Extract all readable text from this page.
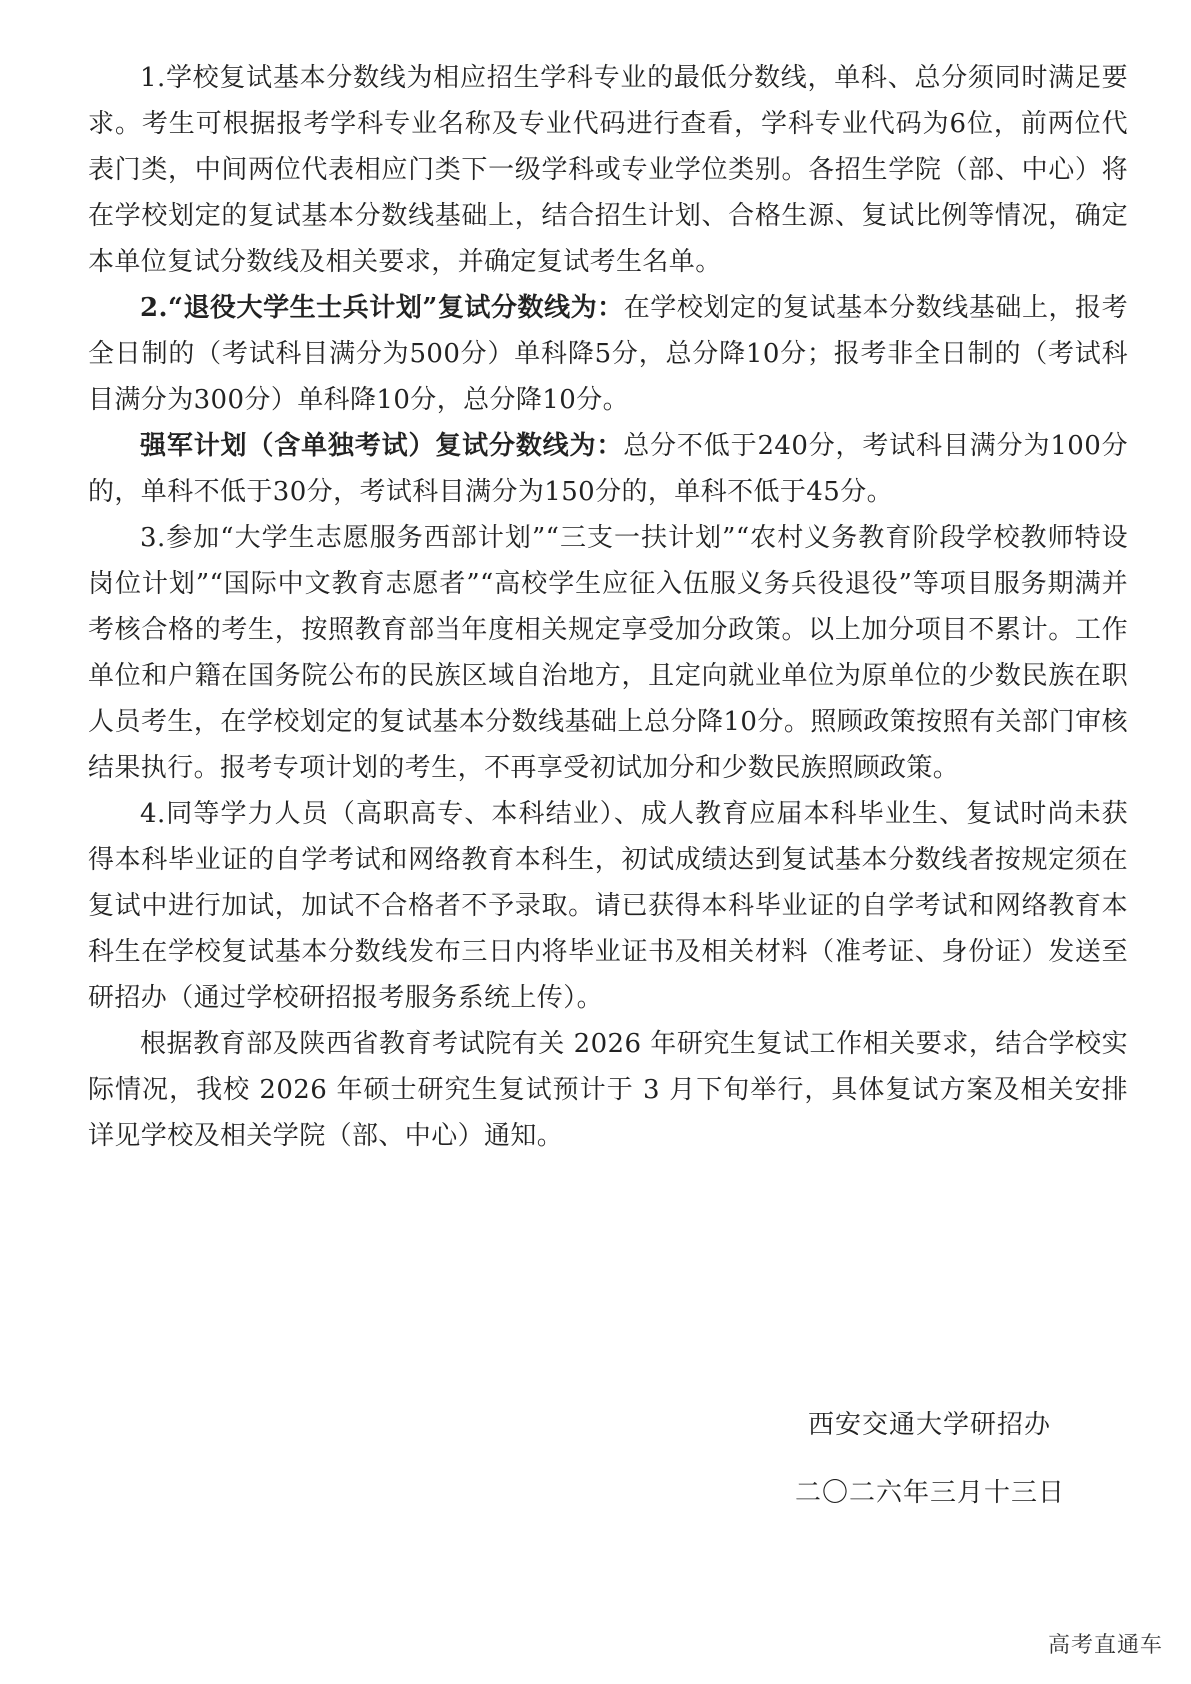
1.学校复试基本分数线为相应招生学科专业的最低分数线，单科、总分须同时满足要求。考生可根据报考学科专业名称及专业代码进行查看，学科专业代码为6位，前两位代表门类，中间两位代表相应门类下一级学科或专业学位类别。各招生学院（部、中心）将在学校划定的复试基本分数线基础上，结合招生计划、合格生源、复试比例等情况，确定本单位复试分数线及相关要求，并确定复试考生名单。

2.“退役大学生士兵计划”复试分数线为：在学校划定的复试基本分数线基础上，报考全日制的（考试科目满分为500分）单科降5分，总分降10分；报考非全日制的（考试科目满分为300分）单科降10分，总分降10分。

强军计划（含单独考试）复试分数线为：总分不低于240分，考试科目满分为100分的，单科不低于30分，考试科目满分为150分的，单科不低于45分。

3.参加“大学生志愿服务西部计划”“三支一扶计划”“农村义务教育阶段学校教师特设岗位计划”“国际中文教育志愿者”“高校学生应征入伍服义务兵役退役”等项目服务期满并考核合格的考生，按照教育部当年度相关规定享受加分政策。以上加分项目不累计。工作单位和户籍在国务院公布的民族区域自治地方，且定向就业单位为原单位的少数民族在职人员考生，在学校划定的复试基本分数线基础上总分降10分。照顾政策按照有关部门审核结果执行。报考专项计划的考生，不再享受初试加分和少数民族照顾政策。

4.同等学力人员（高职高专、本科结业）、成人教育应届本科毕业生、复试时尚未获得本科毕业证的自学考试和网络教育本科生，初试成绩达到复试基本分数线者按规定须在复试中进行加试，加试不合格者不予录取。请已获得本科毕业证的自学考试和网络教育本科生在学校复试基本分数线发布三日内将毕业证书及相关材料（准考证、身份证）发送至研招办（通过学校研招报考服务系统上传）。

根据教育部及陕西省教育考试院有关 2026 年研究生复试工作相关要求，结合学校实际情况，我校 2026 年硕士研究生复试预计于 3 月下旬举行，具体复试方案及相关安排详见学校及相关学院（部、中心）通知。

西安交通大学研招办
二〇二六年三月十三日
高考直通车
